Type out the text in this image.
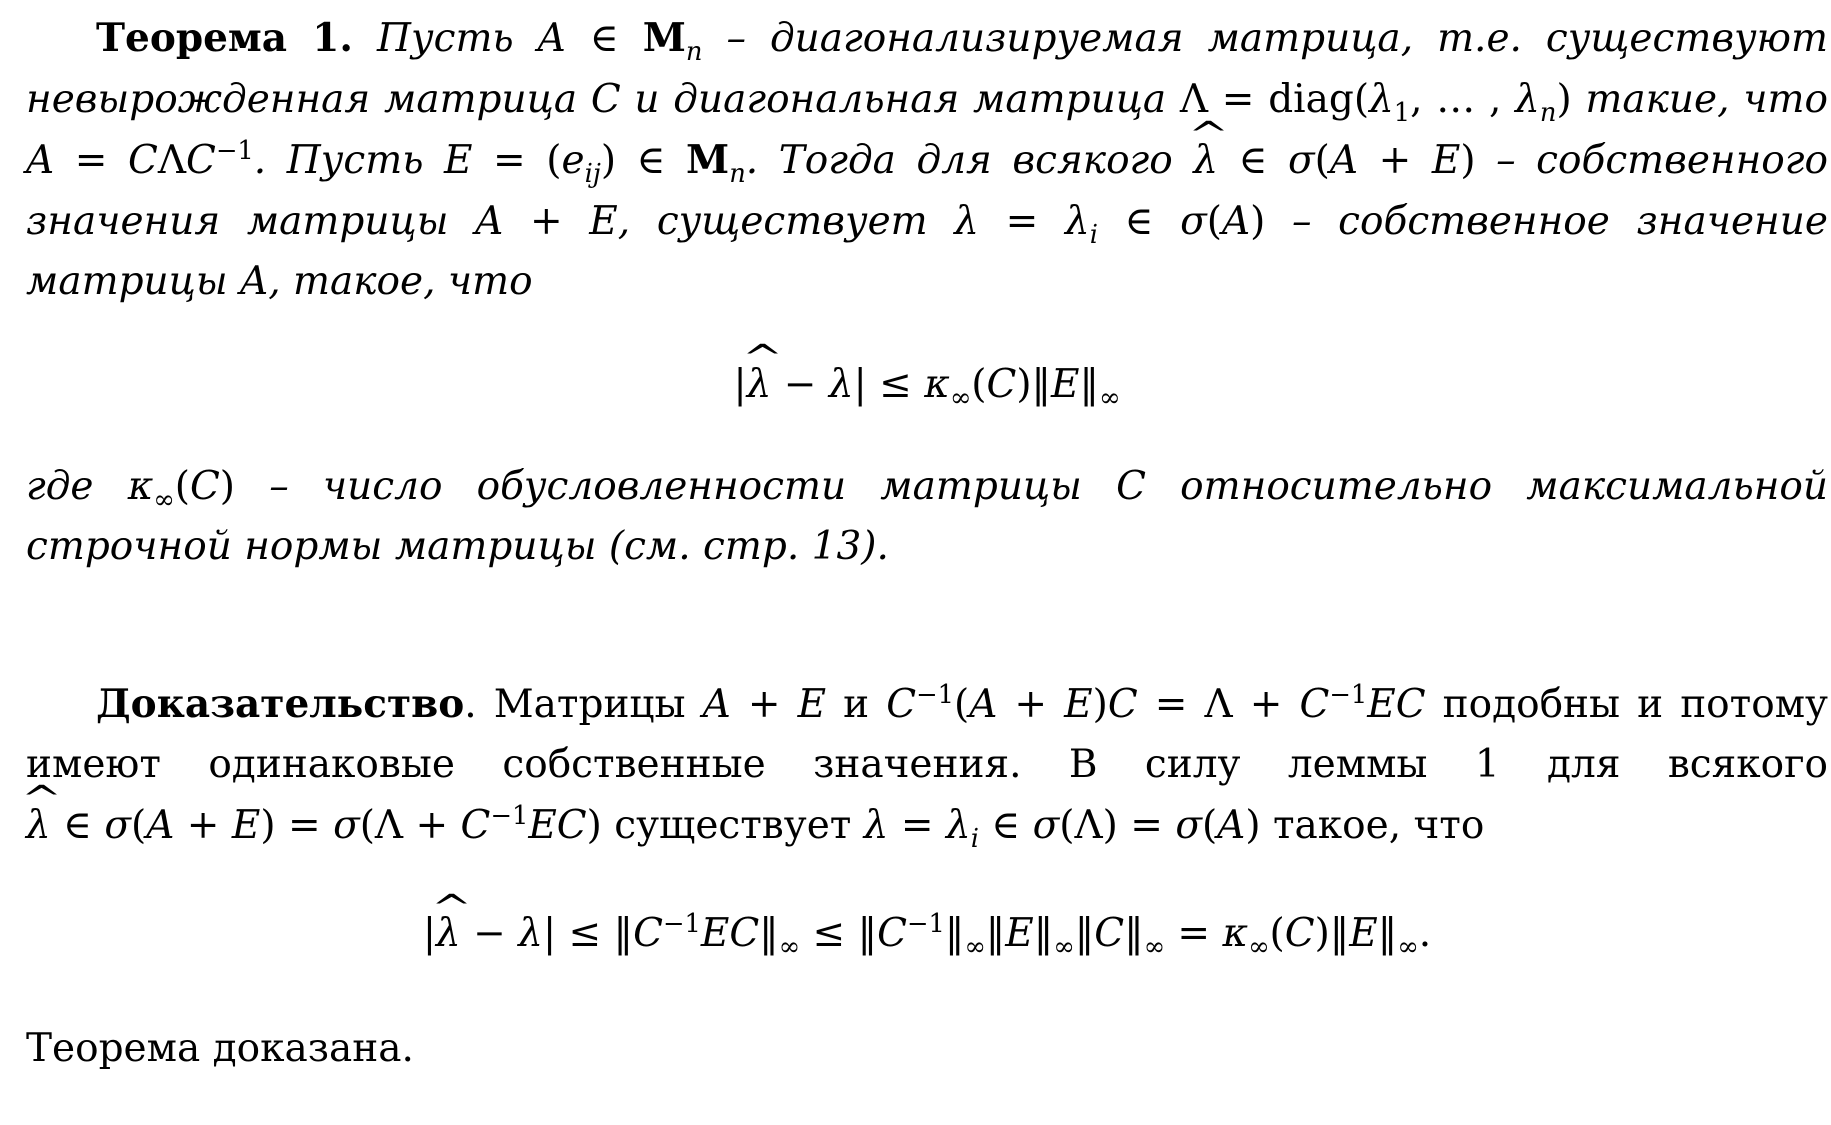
Теорема 1. Пусть A ∈ $M_n$ – диагонализируемая матрица, т.е. существуют невырожденная матрица C и диагональная матрица $\Lambda = diag(\lambda_1$, … , $\lambda_n$) такие, что $A = C\Lambda C^{-1}$. Пусть $E = (e_{ij})$ ∈ $M_n$. Тогда для всякого ^ λ ∈ σ(A + E) – собственного значения матрицы A + E, существует $\lambda = \lambda_i$ ∈ σ(A) – собственное значение матрицы A, такое, что

|^ $\lambda - \lambda| \le \kappa_\infty(C)‖E‖_\infty$

где $\kappa_\infty(C)$ – число обусловленности матрицы C относительно максимальной строчной нормы матрицы (см. стр. 13).

Доказательство. Матрицы A + E и $C^{-1}(A + E)C = \Lambda + C^{-1}EC$ подобны и потому имеют одинаковые собственные значения. В силу леммы 1 для всякого ^ λ ∈ $\sigma(A + E) = \sigma(\Lambda + C^{-1}EC)$ существует $\lambda = \lambda_i$ ∈ σ(Λ) = σ(A) такое, что

|^ $\lambda - \lambda| \le ‖C^{-1}EC‖_\infty$ ≤ $‖C^{-1}‖_\infty‖E‖_\infty‖C‖_\infty$ = $\kappa_\infty(C)‖E‖_\infty$.

Теорема доказана.
